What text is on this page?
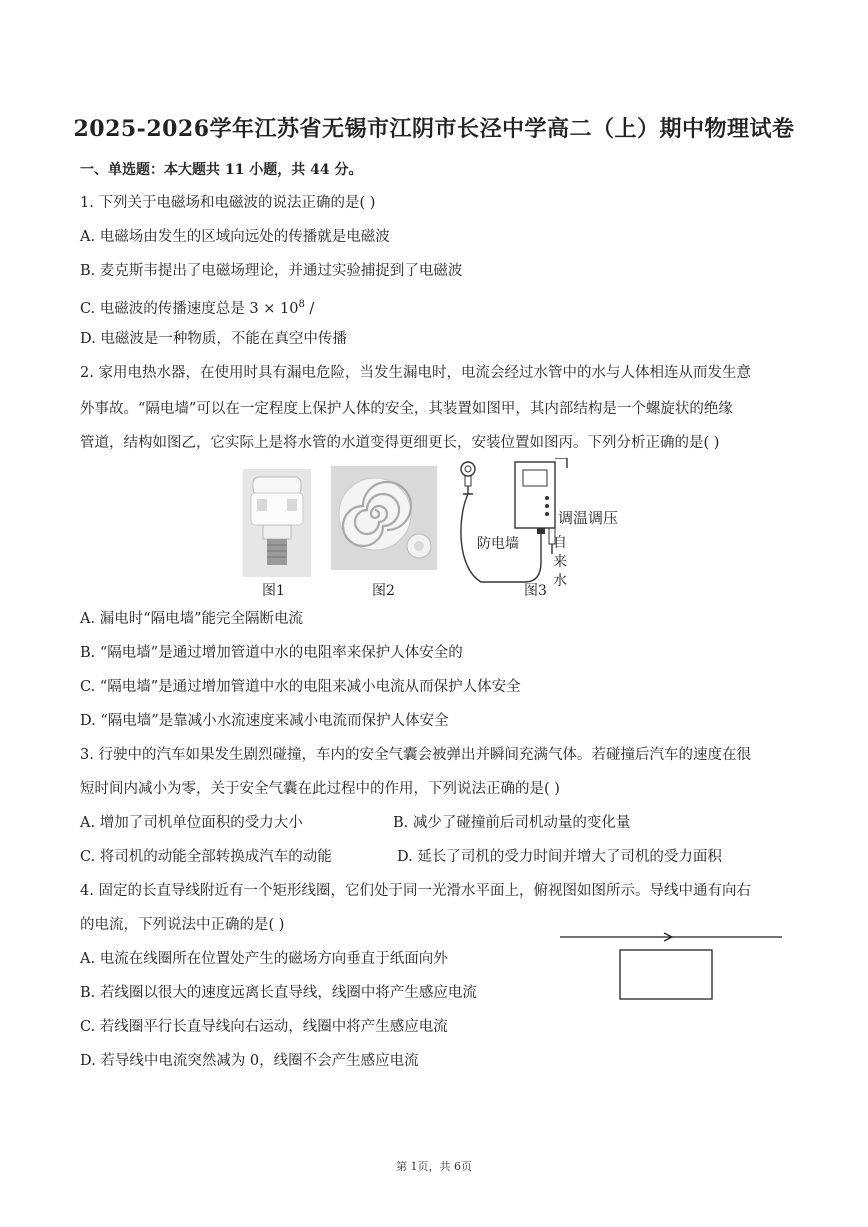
2025-2026学年江苏省无锡市江阴市长泾中学高二（上）期中物理试卷
一、单选题：本大题共 11 小题，共 44 分。
1. 下列关于电磁场和电磁波的说法正确的是( )
A. 电磁场由发生的区域向远处的传播就是电磁波
B. 麦克斯韦提出了电磁场理论，并通过实验捕捉到了电磁波
C. 电磁波的传播速度总是 $3 \times 10^8$ /
D. 电磁波是一种物质，不能在真空中传播
2. 家用电热水器，在使用时具有漏电危险，当发生漏电时，电流会经过水管中的水与人体相连从而发生意
外事故。“隔电墙”可以在一定程度上保护人体的安全，其装置如图甲，其内部结构是一个螺旋状的绝缘
管道，结构如图乙，它实际上是将水管的水道变得更细更长，安装位置如图丙。下列分析正确的是( )
图1	图2
防电墙
调温调压
自来水
图3
A. 漏电时“隔电墙”能完全隔断电流
B. “隔电墙”是通过增加管道中水的电阻率来保护人体安全的
C. “隔电墙”是通过增加管道中水的电阻来减小电流从而保护人体安全
D. “隔电墙”是靠减小水流速度来减小电流而保护人体安全
3. 行驶中的汽车如果发生剧烈碰撞，车内的安全气囊会被弹出并瞬间充满气体。若碰撞后汽车的速度在很
短时间内减小为零，关于安全气囊在此过程中的作用，下列说法正确的是( )
A. 增加了司机单位面积的受力大小	B. 减少了碰撞前后司机动量的变化量
C. 将司机的动能全部转换成汽车的动能	D. 延长了司机的受力时间并增大了司机的受力面积
4. 固定的长直导线附近有一个矩形线圈，它们处于同一光滑水平面上，俯视图如图所示。导线中通有向右
的电流，下列说法中正确的是( )
A. 电流在线圈所在位置处产生的磁场方向垂直于纸面向外
B. 若线圈以很大的速度远离长直导线，线圈中将产生感应电流
C. 若线圈平行长直导线向右运动，线圈中将产生感应电流
D. 若导线中电流突然减为 0，线圈不会产生感应电流
第 1页，共 6页
